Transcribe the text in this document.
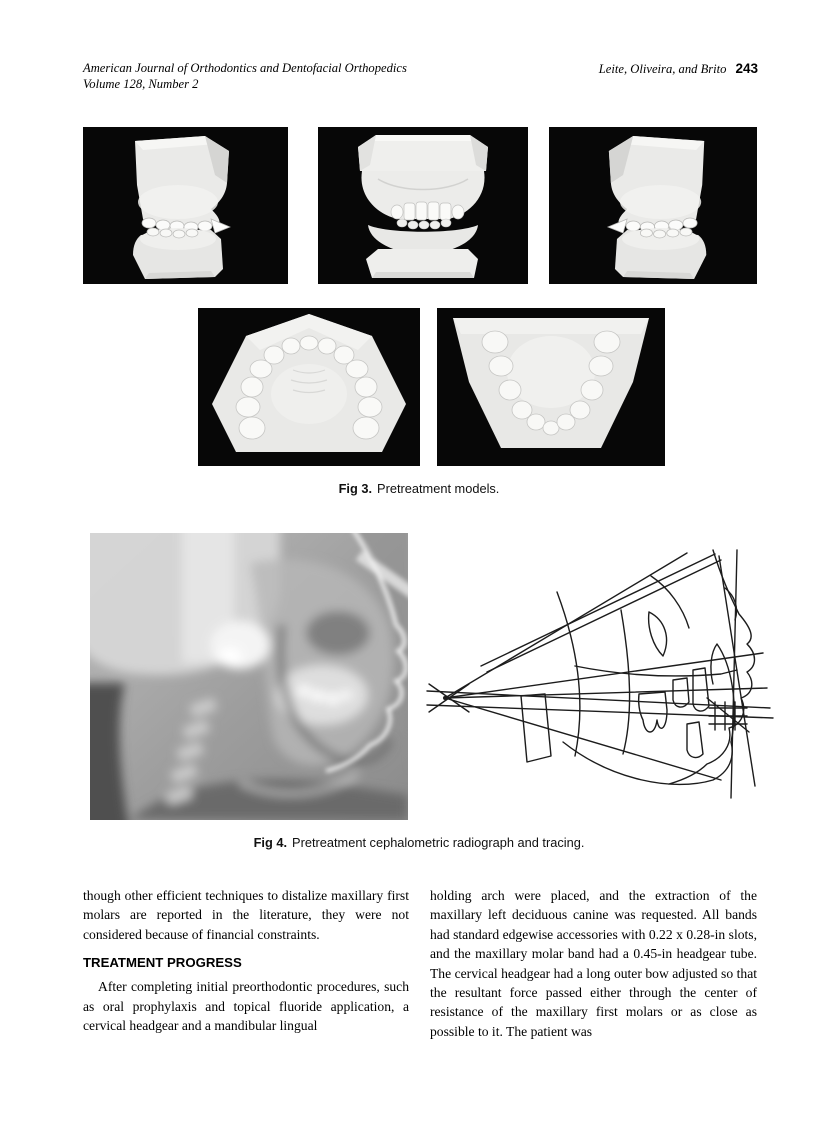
American Journal of Orthodontics and Dentofacial Orthopedics
Volume 128, Number 2
Leite, Oliveira, and Brito 243
Fig 3. Pretreatment models.
Fig 4. Pretreatment cephalometric radiograph and tracing.

though other efficient techniques to distalize maxillary first molars are reported in the literature, they were not considered because of financial constraints.

TREATMENT PROGRESS

After completing initial preorthodontic procedures, such as oral prophylaxis and topical fluoride application, a cervical headgear and a mandibular lingual

holding arch were placed, and the extraction of the maxillary left deciduous canine was requested. All bands had standard edgewise accessories with 0.22 x 0.28-in slots, and the maxillary molar band had a 0.45-in headgear tube. The cervical headgear had a long outer bow adjusted so that the resultant force passed either through the center of resistance of the maxillary first molars or as close as possible to it. The patient was
